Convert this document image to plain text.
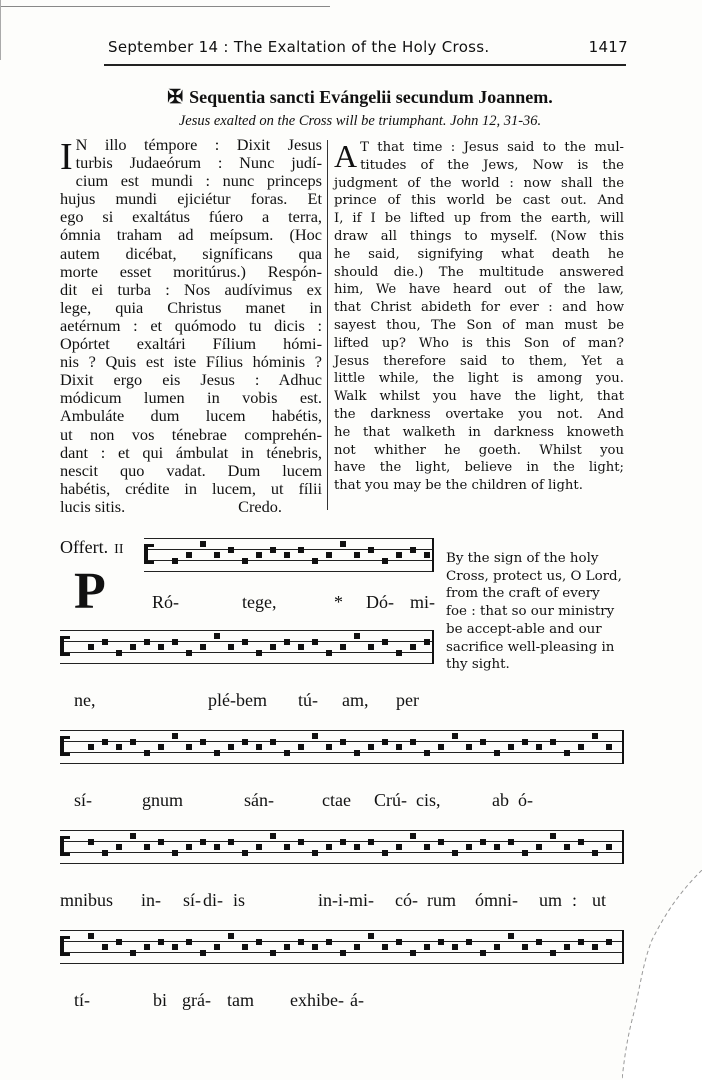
September 14 : The Exaltation of the Holy Cross.	1417
✠ Sequentia sancti Evángelii secundum Joannem.
Jesus exalted on the Cross will be triumphant. John 12, 31-36.
I N illo témpore : Dixit Jesus
turbis Judaeórum : Nunc judí-
cium est mundi : nunc princeps
hujus mundi ejiciétur foras. Et
ego si exaltátus fúero a terra,
ómnia traham ad meípsum. (Hoc
autem dicébat, signíficans qua
morte esset moritúrus.) Respón-
dit ei turba : Nos audívimus ex
lege, quia Christus manet in
aetérnum : et quómodo tu dicis :
Opórtet exaltári Fílium hómi-
nis ? Quis est iste Fílius hóminis ?
Dixit ergo eis Jesus : Adhuc
módicum lumen in vobis est.
Ambuláte dum lucem habétis,
ut non vos ténebrae comprehén-
dant : et qui ámbulat in ténebris,
nescit quo vadat. Dum lucem
habétis, crédite in lucem, ut fílii
lucis sitis.	Credo.
A T that time : Jesus said to the mul-
titudes of the Jews, Now is the
judgment of the world : now shall the
prince of this world be cast out. And
I, if I be lifted up from the earth, will
draw all things to myself. (Now this
he said, signifying what death he
should die.) The multitude answered
him, We have heard out of the law,
that Christ abideth for ever : and how
sayest thou, The Son of man must be
lifted up? Who is this Son of man?
Jesus therefore said to them, Yet a
little while, the light is among you.
Walk whilst you have the light, that
the darkness overtake you not. And
he that walketh in darkness knoweth
not whither he goeth. Whilst you
have the light, believe in the light;
that you may be the children of light.
Offert. II
P
By the sign of the holy Cross, protect us, O Lord, from the craft of every foe : that so our ministry be accept-able and our sacrifice well-pleasing in thy sight.
Ró-	tege,	* Dó- mi-
ne,	plé-bem tú- am, per
sí-	gnum	sán-	ctae Crú- cis,	ab ó-
mnibus in- sí- di- is	in-i-mi- có- rum ómni- um : ut
tí-	bi grá- tam exhibe- á-
